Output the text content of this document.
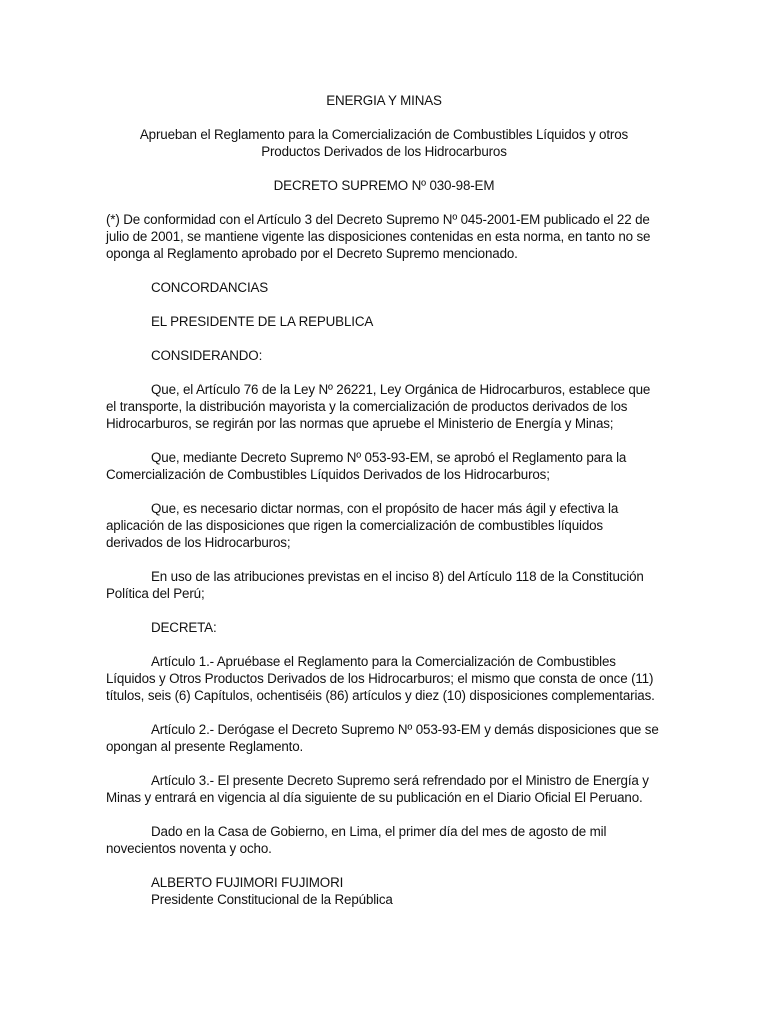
ENERGIA Y MINAS

Aprueban el Reglamento para la Comercialización de Combustibles Líquidos y otros Productos Derivados de los Hidrocarburos

DECRETO SUPREMO Nº 030-98-EM

(*) De conformidad con el Artículo 3 del Decreto Supremo Nº 045-2001-EM publicado el 22 de julio de 2001, se mantiene vigente las disposiciones contenidas en esta norma, en tanto no se oponga al Reglamento aprobado por el Decreto Supremo mencionado.

CONCORDANCIAS

EL PRESIDENTE DE LA REPUBLICA

CONSIDERANDO:

Que, el Artículo 76 de la Ley Nº 26221, Ley Orgánica de Hidrocarburos, establece que el transporte, la distribución mayorista y la comercialización de productos derivados de los Hidrocarburos, se regirán por las normas que apruebe el Ministerio de Energía y Minas;

Que, mediante Decreto Supremo Nº 053-93-EM, se aprobó el Reglamento para la Comercialización de Combustibles Líquidos Derivados de los Hidrocarburos;

Que, es necesario dictar normas, con el propósito de hacer más ágil y efectiva la aplicación de las disposiciones que rigen la comercialización de combustibles líquidos derivados de los Hidrocarburos;

En uso de las atribuciones previstas en el inciso 8) del Artículo 118 de la Constitución Política del Perú;

DECRETA:

Artículo 1.- Apruébase el Reglamento para la Comercialización de Combustibles Líquidos y Otros Productos Derivados de los Hidrocarburos; el mismo que consta de once (11) títulos, seis (6) Capítulos, ochentiséis (86) artículos y diez (10) disposiciones complementarias.

Artículo 2.- Derógase el Decreto Supremo Nº 053-93-EM y demás disposiciones que se opongan al presente Reglamento.

Artículo 3.- El presente Decreto Supremo será refrendado por el Ministro de Energía y Minas y entrará en vigencia al día siguiente de su publicación en el Diario Oficial El Peruano.

Dado en la Casa de Gobierno, en Lima, el primer día del mes de agosto de mil novecientos noventa y ocho.

ALBERTO FUJIMORI FUJIMORI

Presidente Constitucional de la República
